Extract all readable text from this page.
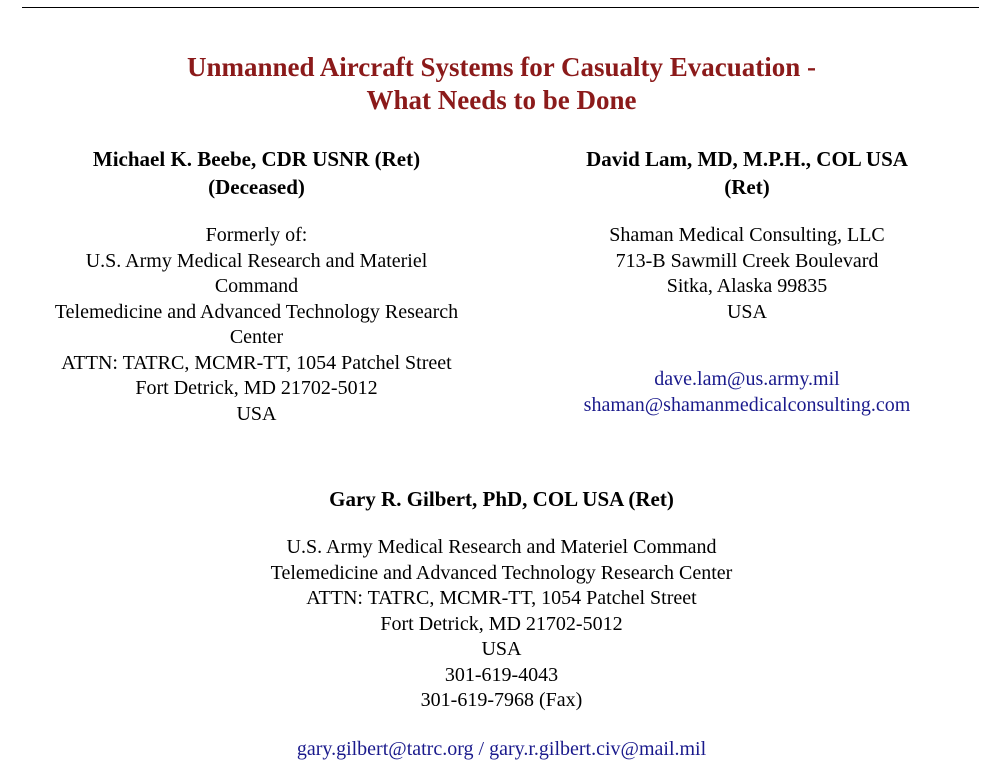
Unmanned Aircraft Systems for Casualty Evacuation -
What Needs to be Done
Michael K. Beebe, CDR USNR (Ret)
(Deceased)
Formerly of:
U.S. Army Medical Research and Materiel
Command
Telemedicine and Advanced Technology Research
Center
ATTN: TATRC, MCMR-TT, 1054 Patchel Street
Fort Detrick, MD 21702-5012
USA
David Lam, MD, M.P.H., COL USA
(Ret)
Shaman Medical Consulting, LLC
713-B Sawmill Creek Boulevard
Sitka, Alaska 99835
USA
dave.lam@us.army.mil
shaman@shamanmedicalconsulting.com
Gary R. Gilbert, PhD, COL USA (Ret)
U.S. Army Medical Research and Materiel Command
Telemedicine and Advanced Technology Research Center
ATTN: TATRC, MCMR-TT, 1054 Patchel Street
Fort Detrick, MD 21702-5012
USA
301-619-4043
301-619-7968 (Fax)
gary.gilbert@tatrc.org / gary.r.gilbert.civ@mail.mil
